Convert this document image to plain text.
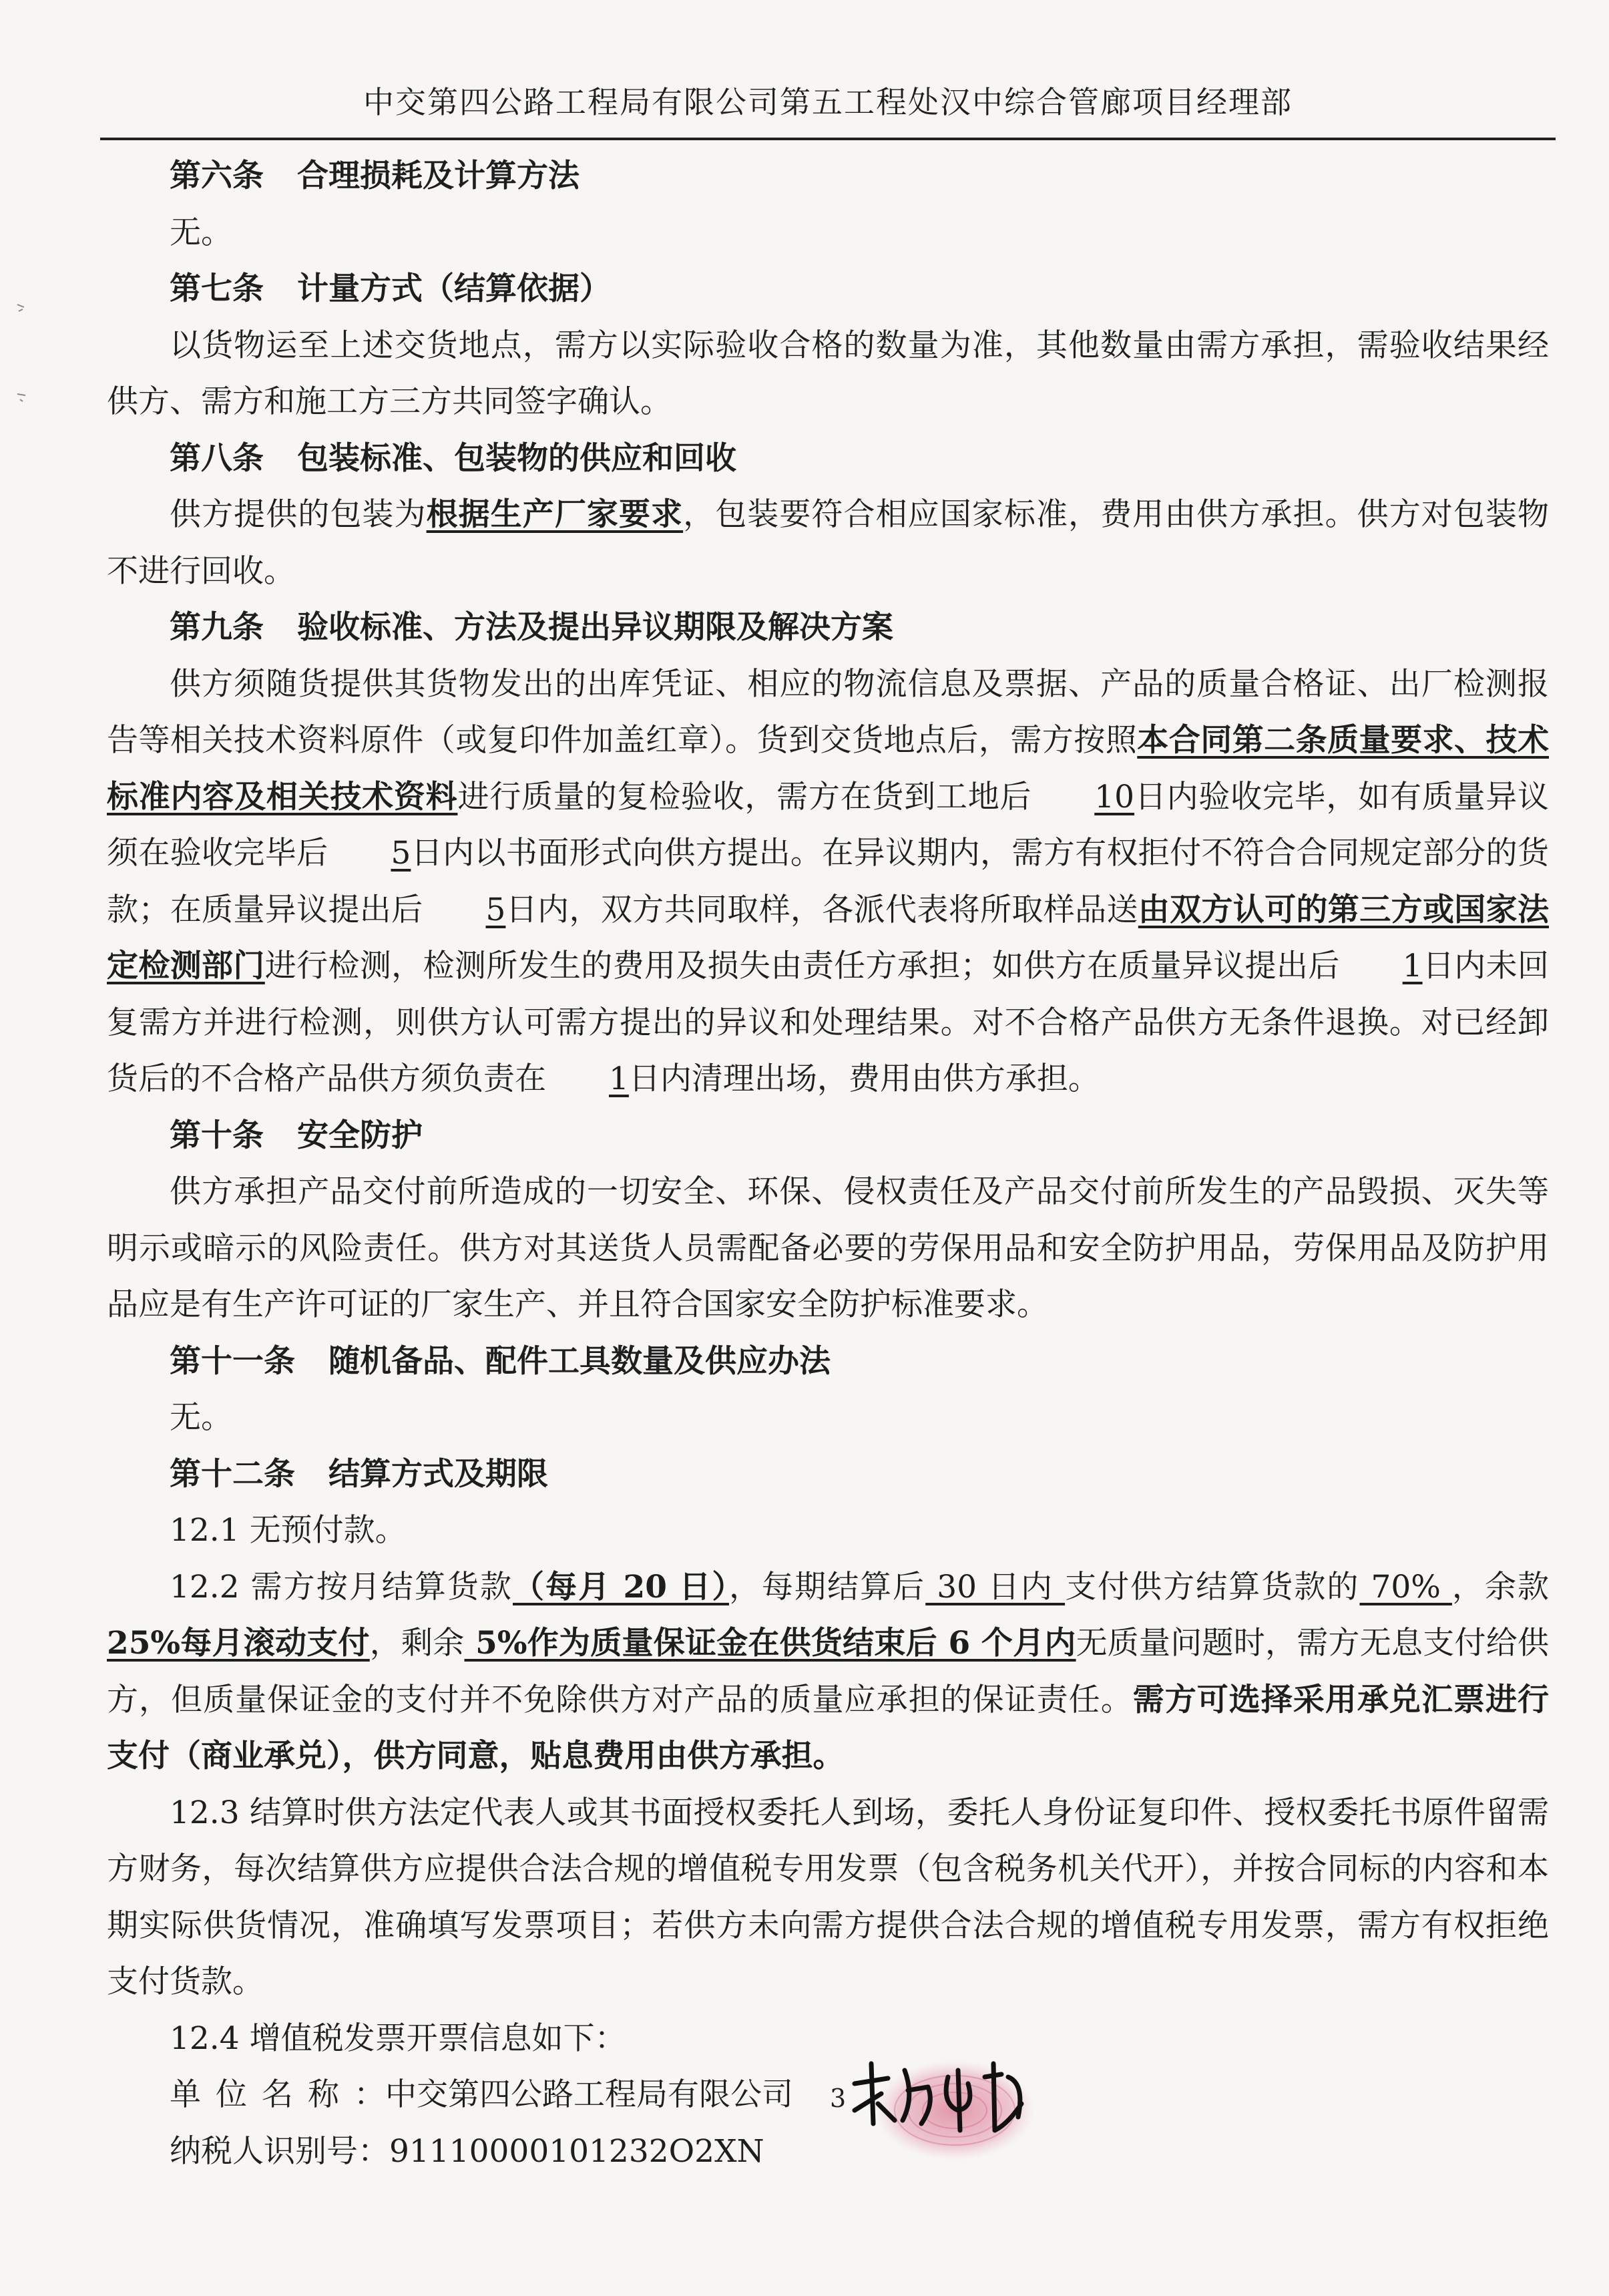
中交第四公路工程局有限公司第五工程处汉中综合管廊项目经理部

第六条 合理损耗及计算方法

无。

第七条 计量方式（结算依据）

以货物运至上述交货地点，需方以实际验收合格的数量为准，其他数量由需方承担，需验收结果经供方、需方和施工方三方共同签字确认。

第八条 包装标准、包装物的供应和回收

供方提供的包装为根据生产厂家要求，包装要符合相应国家标准，费用由供方承担。供方对包装物不进行回收。

第九条 验收标准、方法及提出异议期限及解决方案

供方须随货提供其货物发出的出库凭证、相应的物流信息及票据、产品的质量合格证、出厂检测报告等相关技术资料原件（或复印件加盖红章）。货到交货地点后，需方按照本合同第二条质量要求、技术标准内容及相关技术资料进行质量的复检验收，需方在货到工地后 10日内验收完毕，如有质量异议须在验收完毕后 5日内以书面形式向供方提出。在异议期内，需方有权拒付不符合合同规定部分的货款；在质量异议提出后 5日内，双方共同取样，各派代表将所取样品送由双方认可的第三方或国家法定检测部门进行检测，检测所发生的费用及损失由责任方承担；如供方在质量异议提出后 1日内未回复需方并进行检测，则供方认可需方提出的异议和处理结果。对不合格产品供方无条件退换。对已经卸货后的不合格产品供方须负责在 1日内清理出场，费用由供方承担。

第十条 安全防护

供方承担产品交付前所造成的一切安全、环保、侵权责任及产品交付前所发生的产品毁损、灭失等明示或暗示的风险责任。供方对其送货人员需配备必要的劳保用品和安全防护用品，劳保用品及防护用品应是有生产许可证的厂家生产、并且符合国家安全防护标准要求。

第十一条 随机备品、配件工具数量及供应办法

无。

第十二条 结算方式及期限

12.1 无预付款。

12.2 需方按月结算货款（每月 20 日），每期结算后 30 日内 支付供方结算货款的 70% ，余款 25%每月滚动支付，剩余 5%作为质量保证金在供货结束后 6 个月内无质量问题时，需方无息支付给供方，但质量保证金的支付并不免除供方对产品的质量应承担的保证责任。需方可选择采用承兑汇票进行支付（商业承兑），供方同意，贴息费用由供方承担。

12.3 结算时供方法定代表人或其书面授权委托人到场，委托人身份证复印件、授权委托书原件留需方财务，每次结算供方应提供合法合规的增值税专用发票（包含税务机关代开），并按合同标的内容和本期实际供货情况，准确填写发票项目；若供方未向需方提供合法合规的增值税专用发票，需方有权拒绝支付货款。

12.4 增值税发票开票信息如下：

单位名称：中交第四公路工程局有限公司

纳税人识别号：91110000101232O2XN

3
